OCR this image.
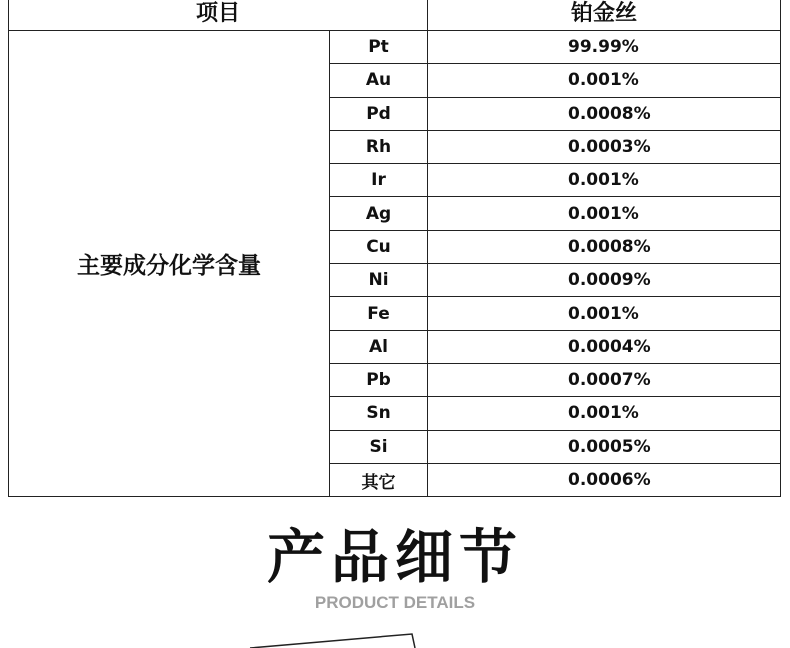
项目		铂金丝
主要成分化学含量	Pt	99.99%
	Au	0.001%
	Pd	0.0008%
	Rh	0.0003%
	Ir	0.001%
	Ag	0.001%
	Cu	0.0008%
	Ni	0.0009%
	Fe	0.001%
	Al	0.0004%
	Pb	0.0007%
	Sn	0.001%
	Si	0.0005%
	其它	0.0006%
产品细节

PRODUCT DETAILS
